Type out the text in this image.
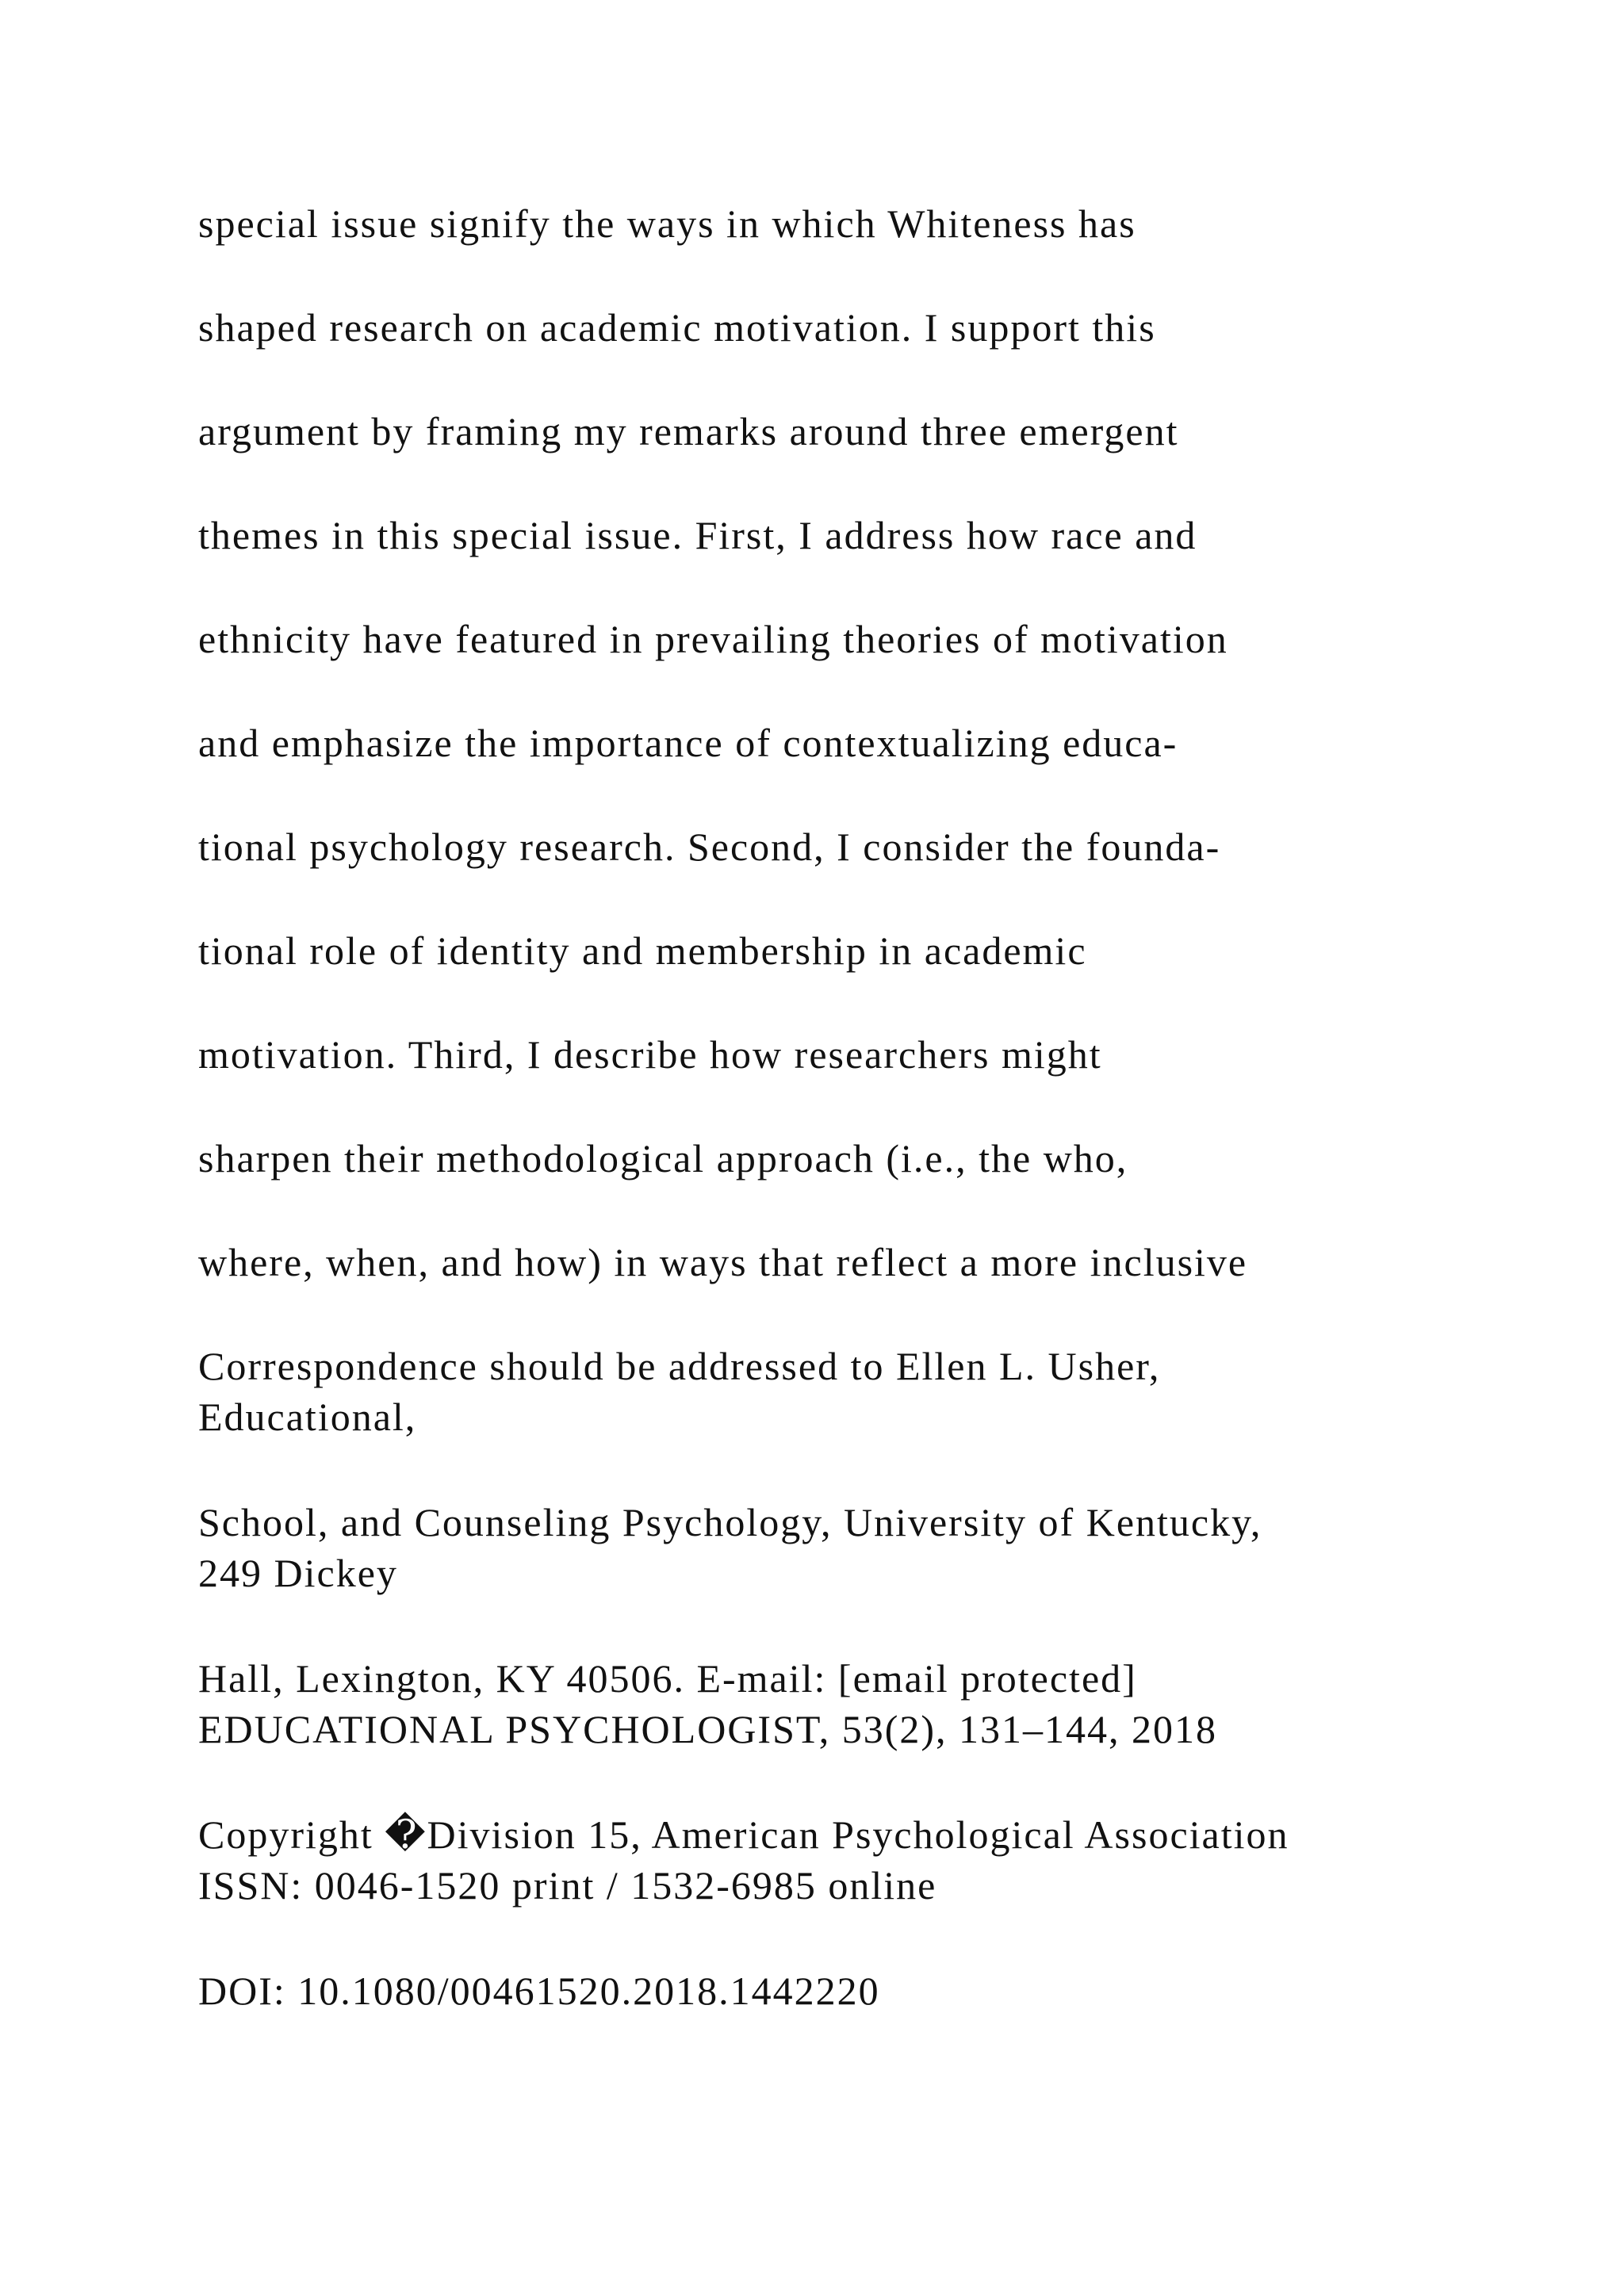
special issue signify the ways in which Whiteness has
shaped research on academic motivation. I support this
argument by framing my remarks around three emergent
themes in this special issue. First, I address how race and
ethnicity have featured in prevailing theories of motivation
and emphasize the importance of contextualizing educa-
tional psychology research. Second, I consider the founda-
tional role of identity and membership in academic
motivation. Third, I describe how researchers might
sharpen their methodological approach (i.e., the who,
where, when, and how) in ways that reflect a more inclusive
Correspondence should be addressed to Ellen L. Usher,
Educational,
School, and Counseling Psychology, University of Kentucky,
249 Dickey
Hall, Lexington, KY 40506. E-mail: [email protected]
EDUCATIONAL PSYCHOLOGIST, 53(2), 131–144, 2018
Copyright �Division 15, American Psychological Association
ISSN: 0046-1520 print / 1532-6985 online
DOI: 10.1080/00461520.2018.1442220
